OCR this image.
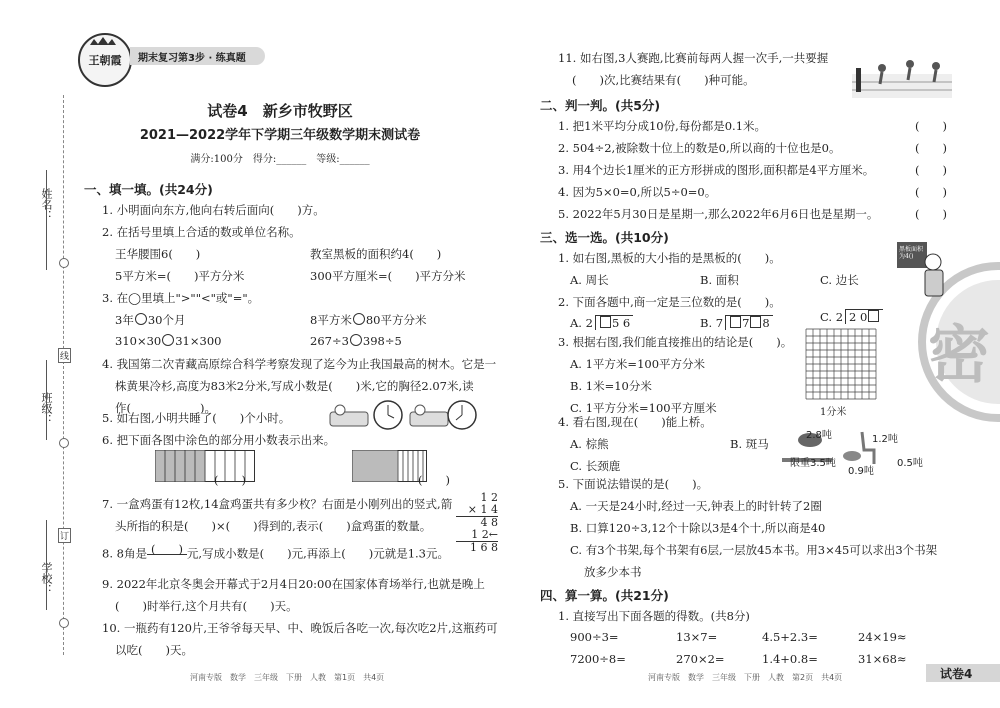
姓名：
班级：
学校：
线
订
王朝霞	期末复习第3步 · 练真题
试卷4　新乡市牧野区
2021—2022学年下学期三年级数学期末测试卷
满分:100分　得分:______　等级:______
一、填一填。(共24分)
1. 小明面向东方,他向右转后面向(　　)方。
2. 在括号里填上合适的数或单位名称。
王华腰围6(　　)	教室黑板的面积约4(　　)
5平方米=(　　)平方分米	300平方厘米=(　　)平方分米
3. 在◯里填上">""<"或"="。
3年 30个月	8平方米 80平方分米
310×30 31×300	267÷3 398÷5
4. 我国第二次青藏高原综合科学考察发现了迄今为止我国最高的树木。它是一
株黄果冷杉,高度为83米2分米,写成小数是(　　)米,它的胸径2.07米,读
作(　　　　　　)。
5. 如右图,小明共睡了(　　)个小时。
6. 把下面各图中涂色的部分用小数表示出来。
(　　)	(　　)
7. 一盒鸡蛋有12枚,14盒鸡蛋共有多少枚？右面是小刚列出的竖式,箭
头所指的积是(　　)×(　　)得到的,表示(　　)盒鸡蛋的数量。
1 2
× 1 4
4 8
1 2←
1 6 8
8. 8角是 (　　) 元,写成小数是(　　)元,再添上(　　)元就是1.3元。
9. 2022年北京冬奥会开幕式于2月4日20:00在国家体育场举行,也就是晚上
(　　)时举行,这个月共有(　　)天。
10. 一瓶药有120片,王爷爷每天早、中、晚饭后各吃一次,每次吃2片,这瓶药可
以吃(　　)天。
河南专版　数学　三年级　下册　人教　第1页　共4页
密
11. 如右图,3人赛跑,比赛前每两人握一次手,一共要握
(　　)次,比赛结果有(　　)种可能。
二、判一判。(共5分)
1. 把1米平均分成10份,每份都是0.1米。	(　　)
2. 504÷2,被除数十位上的数是0,所以商的十位也是0。	(　　)
3. 用4个边长1厘米的正方形拼成的图形,面积都是4平方厘米。	(　　)
4. 因为5×0=0,所以5÷0=0。	(　　)
5. 2022年5月30日是星期一,那么2022年6月6日也是星期一。	(　　)
三、选一选。(共10分)
1. 如右图,黑板的大小指的是黑板的(　　)。
A. 周长	B. 面积	C. 边长
黑板面积为4()
2. 下面各题中,商一定是三位数的是(　　)。
A. 2 5 6	B. 7 7 8	C. 2 2 0
3. 根据右图,我们能直接推出的结论是(　　)。
A. 1平方米=100平方分米
B. 1米=10分米
C. 1平方分米=100平方厘米	1分米
4. 看右图,现在(　　)能上桥。
A. 棕熊	B. 斑马
C. 长颈鹿
2.8吨	1.2吨
限重3.5吨
0.9吨
0.5吨
5. 下面说法错误的是(　　)。
A. 一天是24小时,经过一天,钟表上的时针转了2圈
B. 口算120÷3,12个十除以3是4个十,所以商是40
C. 有3个书架,每个书架有6层,一层放45本书。用3×45可以求出3个书架
放多少本书
四、算一算。(共21分)
1. 直接写出下面各题的得数。(共8分)
900÷3=	13×7=	4.5+2.3=	24×19≈
7200÷8=	270×2=	1.4+0.8=	31×68≈
河南专版　数学　三年级　下册　人教　第2页　共4页	试卷4
